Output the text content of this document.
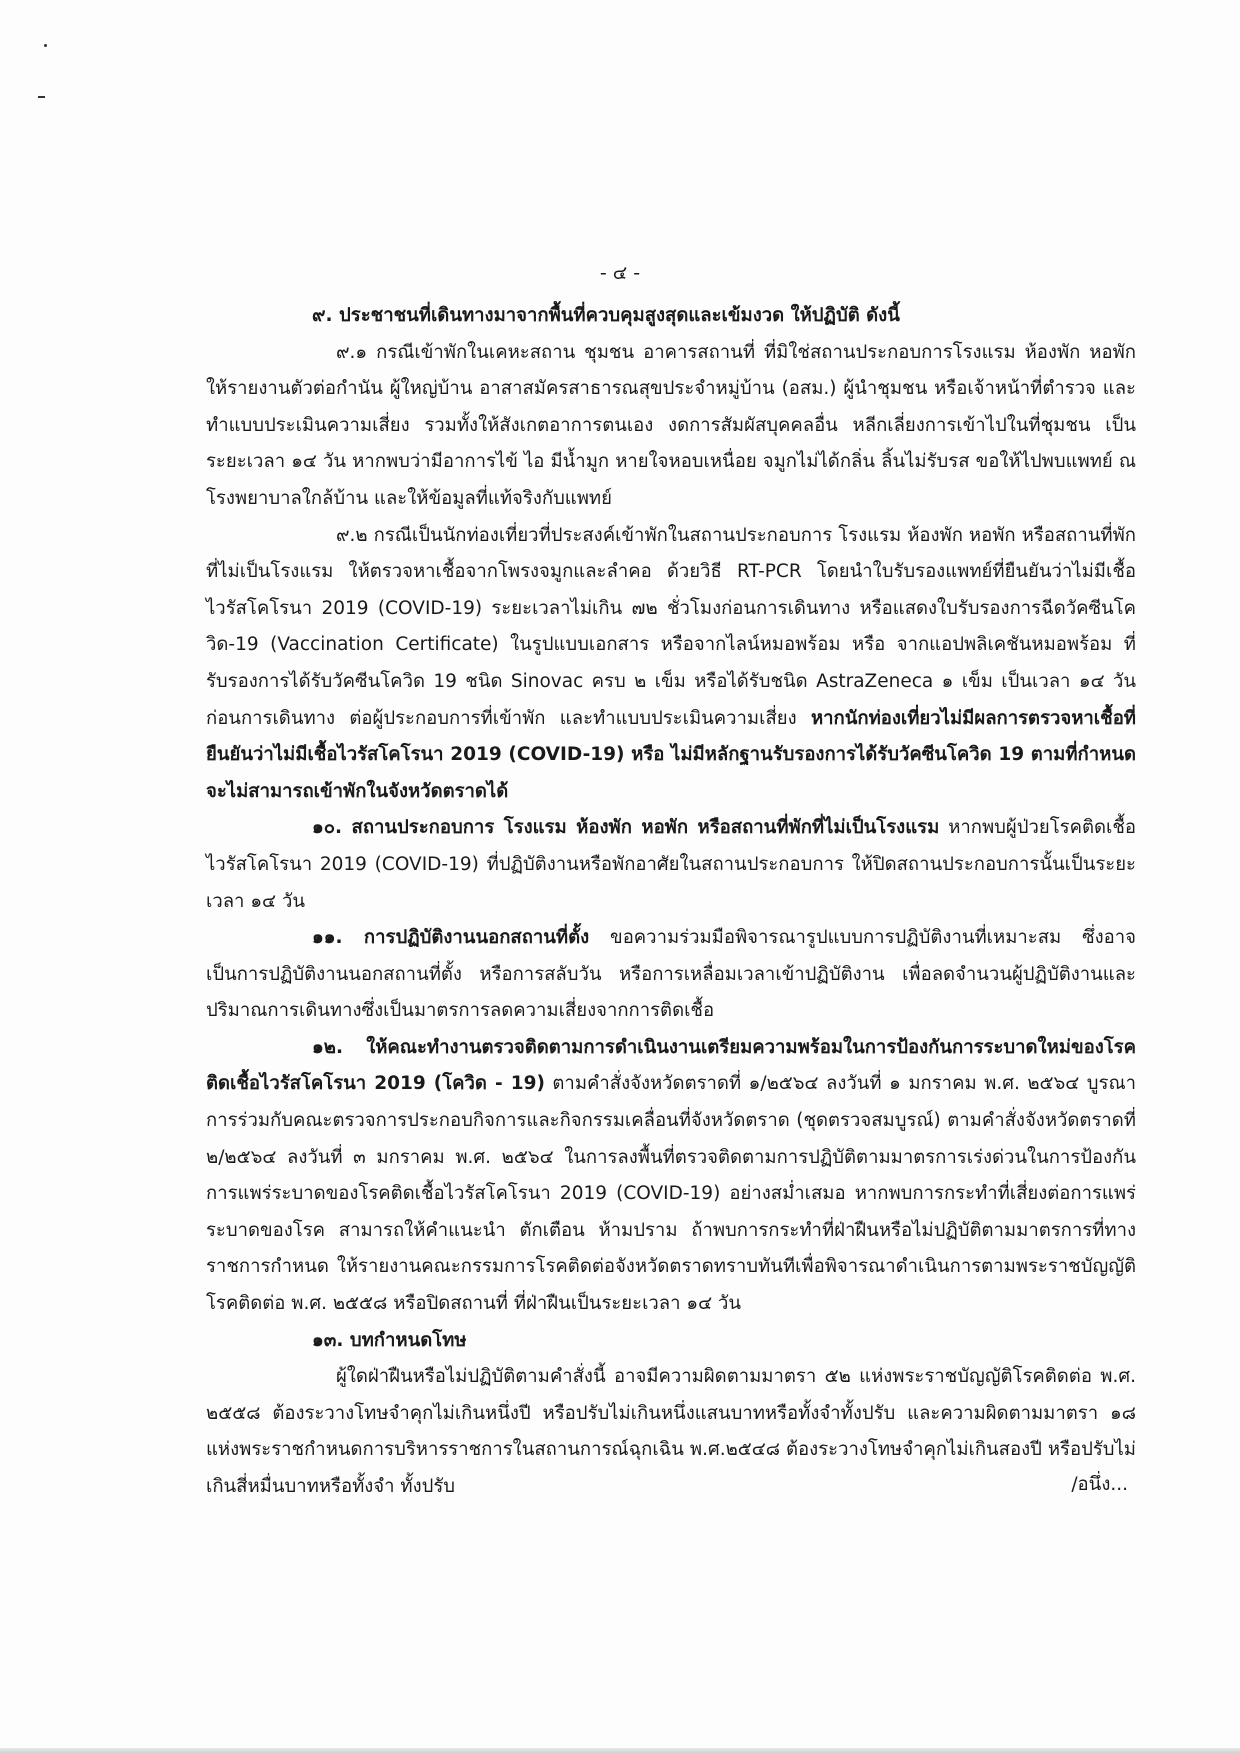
- ๔ -

๙. ประชาชนที่เดินทางมาจากพื้นที่ควบคุมสูงสุดและเข้มงวด ให้ปฏิบัติ ดังนี้

๙.๑ กรณีเข้าพักในเคหะสถาน ชุมชน อาคารสถานที่ ที่มิใช่สถานประกอบการโรงแรม ห้องพัก หอพัก ให้รายงานตัวต่อกำนัน ผู้ใหญ่บ้าน อาสาสมัครสาธารณสุขประจำหมู่บ้าน (อสม.) ผู้นำชุมชน หรือเจ้าหน้าที่ตำรวจ และทำแบบประเมินความเสี่ยง รวมทั้งให้สังเกตอาการตนเอง งดการสัมผัสบุคคลอื่น หลีกเลี่ยงการเข้าไปในที่ชุมชน เป็นระยะเวลา ๑๔ วัน หากพบว่ามีอาการไข้ ไอ มีน้ำมูก หายใจหอบเหนื่อย จมูกไม่ได้กลิ่น ลิ้นไม่รับรส ขอให้ไปพบแพทย์ ณ โรงพยาบาลใกล้บ้าน และให้ข้อมูลที่แท้จริงกับแพทย์

๙.๒ กรณีเป็นนักท่องเที่ยวที่ประสงค์เข้าพักในสถานประกอบการ โรงแรม ห้องพัก หอพัก หรือสถานที่พักที่ไม่เป็นโรงแรม ให้ตรวจหาเชื้อจากโพรงจมูกและลำคอ ด้วยวิธี RT-PCR โดยนำใบรับรองแพทย์ที่ยืนยันว่าไม่มีเชื้อไวรัสโคโรนา 2019 (COVID-19) ระยะเวลาไม่เกิน ๗๒ ชั่วโมงก่อนการเดินทาง หรือแสดงใบรับรองการฉีดวัคซีนโควิด-19 (Vaccination Certificate) ในรูปแบบเอกสาร หรือจากไลน์หมอพร้อม หรือ จากแอปพลิเคชันหมอพร้อม ที่รับรองการได้รับวัคซีนโควิด 19 ชนิด Sinovac ครบ ๒ เข็ม หรือได้รับชนิด AstraZeneca ๑ เข็ม เป็นเวลา ๑๔ วัน ก่อนการเดินทาง ต่อผู้ประกอบการที่เข้าพัก และทำแบบประเมินความเสี่ยง หากนักท่องเที่ยวไม่มีผลการตรวจหาเชื้อที่ยืนยันว่าไม่มีเชื้อไวรัสโคโรนา 2019 (COVID-19) หรือ ไม่มีหลักฐานรับรองการได้รับวัคซีนโควิด 19 ตามที่กำหนด จะไม่สามารถเข้าพักในจังหวัดตราดได้

๑๐. สถานประกอบการ โรงแรม ห้องพัก หอพัก หรือสถานที่พักที่ไม่เป็นโรงแรม หากพบผู้ป่วยโรคติดเชื้อไวรัสโคโรนา 2019 (COVID-19) ที่ปฏิบัติงานหรือพักอาศัยในสถานประกอบการ ให้ปิดสถานประกอบการนั้นเป็นระยะเวลา ๑๔ วัน

๑๑. การปฏิบัติงานนอกสถานที่ตั้ง ขอความร่วมมือพิจารณารูปแบบการปฏิบัติงานที่เหมาะสม ซึ่งอาจเป็นการปฏิบัติงานนอกสถานที่ตั้ง หรือการสลับวัน หรือการเหลื่อมเวลาเข้าปฏิบัติงาน เพื่อลดจำนวนผู้ปฏิบัติงานและปริมาณการเดินทางซึ่งเป็นมาตรการลดความเสี่ยงจากการติดเชื้อ

๑๒. ให้คณะทำงานตรวจติดตามการดำเนินงานเตรียมความพร้อมในการป้องกันการระบาดใหม่ของโรคติดเชื้อไวรัสโคโรนา 2019 (โควิด - 19) ตามคำสั่งจังหวัดตราดที่ ๑/๒๕๖๔ ลงวันที่ ๑ มกราคม พ.ศ. ๒๕๖๔ บูรณาการร่วมกับคณะตรวจการประกอบกิจการและกิจกรรมเคลื่อนที่จังหวัดตราด (ชุดตรวจสมบูรณ์) ตามคำสั่งจังหวัดตราดที่ ๒/๒๕๖๔ ลงวันที่ ๓ มกราคม พ.ศ. ๒๕๖๔ ในการลงพื้นที่ตรวจติดตามการปฏิบัติตามมาตรการเร่งด่วนในการป้องกันการแพร่ระบาดของโรคติดเชื้อไวรัสโคโรนา 2019 (COVID-19) อย่างสม่ำเสมอ หากพบการกระทำที่เสี่ยงต่อการแพร่ระบาดของโรค สามารถให้คำแนะนำ ตักเตือน ห้ามปราม ถ้าพบการกระทำที่ฝ่าฝืนหรือไม่ปฏิบัติตามมาตรการที่ทางราชการกำหนด ให้รายงานคณะกรรมการโรคติดต่อจังหวัดตราดทราบทันทีเพื่อพิจารณาดำเนินการตามพระราชบัญญัติโรคติดต่อ พ.ศ. ๒๕๕๘ หรือปิดสถานที่ ที่ฝ่าฝืนเป็นระยะเวลา ๑๔ วัน

๑๓. บทกำหนดโทษ

ผู้ใดฝ่าฝืนหรือไม่ปฏิบัติตามคำสั่งนี้ อาจมีความผิดตามมาตรา ๕๒ แห่งพระราชบัญญัติโรคติดต่อ พ.ศ. ๒๕๕๘ ต้องระวางโทษจำคุกไม่เกินหนึ่งปี หรือปรับไม่เกินหนึ่งแสนบาทหรือทั้งจำทั้งปรับ และความผิดตามมาตรา ๑๘ แห่งพระราชกำหนดการบริหารราชการในสถานการณ์ฉุกเฉิน พ.ศ.๒๕๔๘ ต้องระวางโทษจำคุกไม่เกินสองปี หรือปรับไม่เกินสี่หมื่นบาทหรือทั้งจำ ทั้งปรับ	/อนึ่ง...
